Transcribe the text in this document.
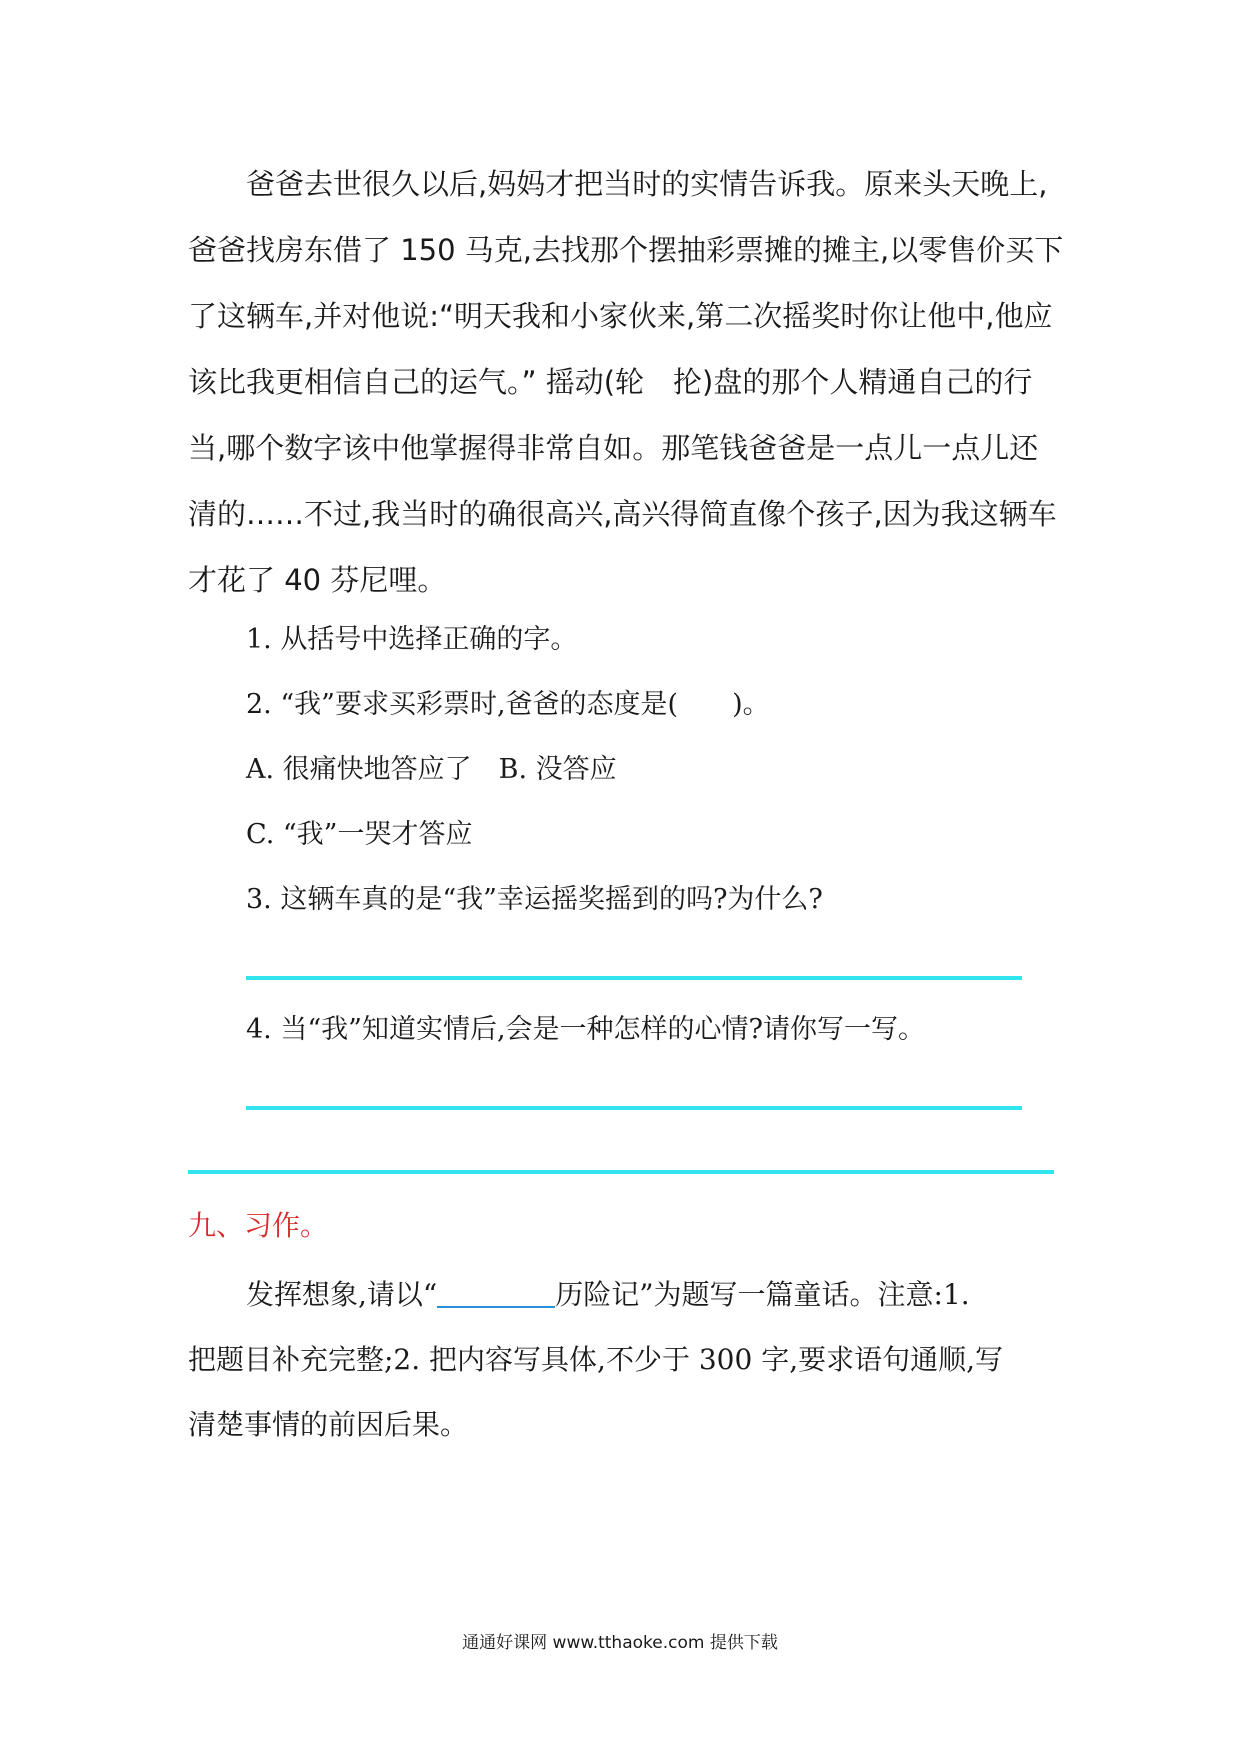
爸爸去世很久以后,妈妈才把当时的实情告诉我。原来头天晚上,
爸爸找房东借了 150 马克,去找那个摆抽彩票摊的摊主,以零售价买下
了这辆车,并对他说:“明天我和小家伙来,第二次摇奖时你让他中,他应
该比我更相信自己的运气。” 摇动(轮　抡)盘的那个人精通自己的行
当,哪个数字该中他掌握得非常自如。那笔钱爸爸是一点儿一点儿还
清的……不过,我当时的确很高兴,高兴得简直像个孩子,因为我这辆车
才花了 40 芬尼哩。

1. 从括号中选择正确的字。

2. “我”要求买彩票时,爸爸的态度是(　　)。

A. 很痛快地答应了　B. 没答应

C. “我”一哭才答应

3. 这辆车真的是“我”幸运摇奖摇到的吗?为什么?

4. 当“我”知道实情后,会是一种怎样的心情?请你写一写。

九、习作。

发挥想象,请以“	历险记”为题写一篇童话。注意:1.
把题目补充完整;2. 把内容写具体,不少于 300 字,要求语句通顺,写
清楚事情的前因后果。

通通好课网 www.tthaoke.com 提供下载
